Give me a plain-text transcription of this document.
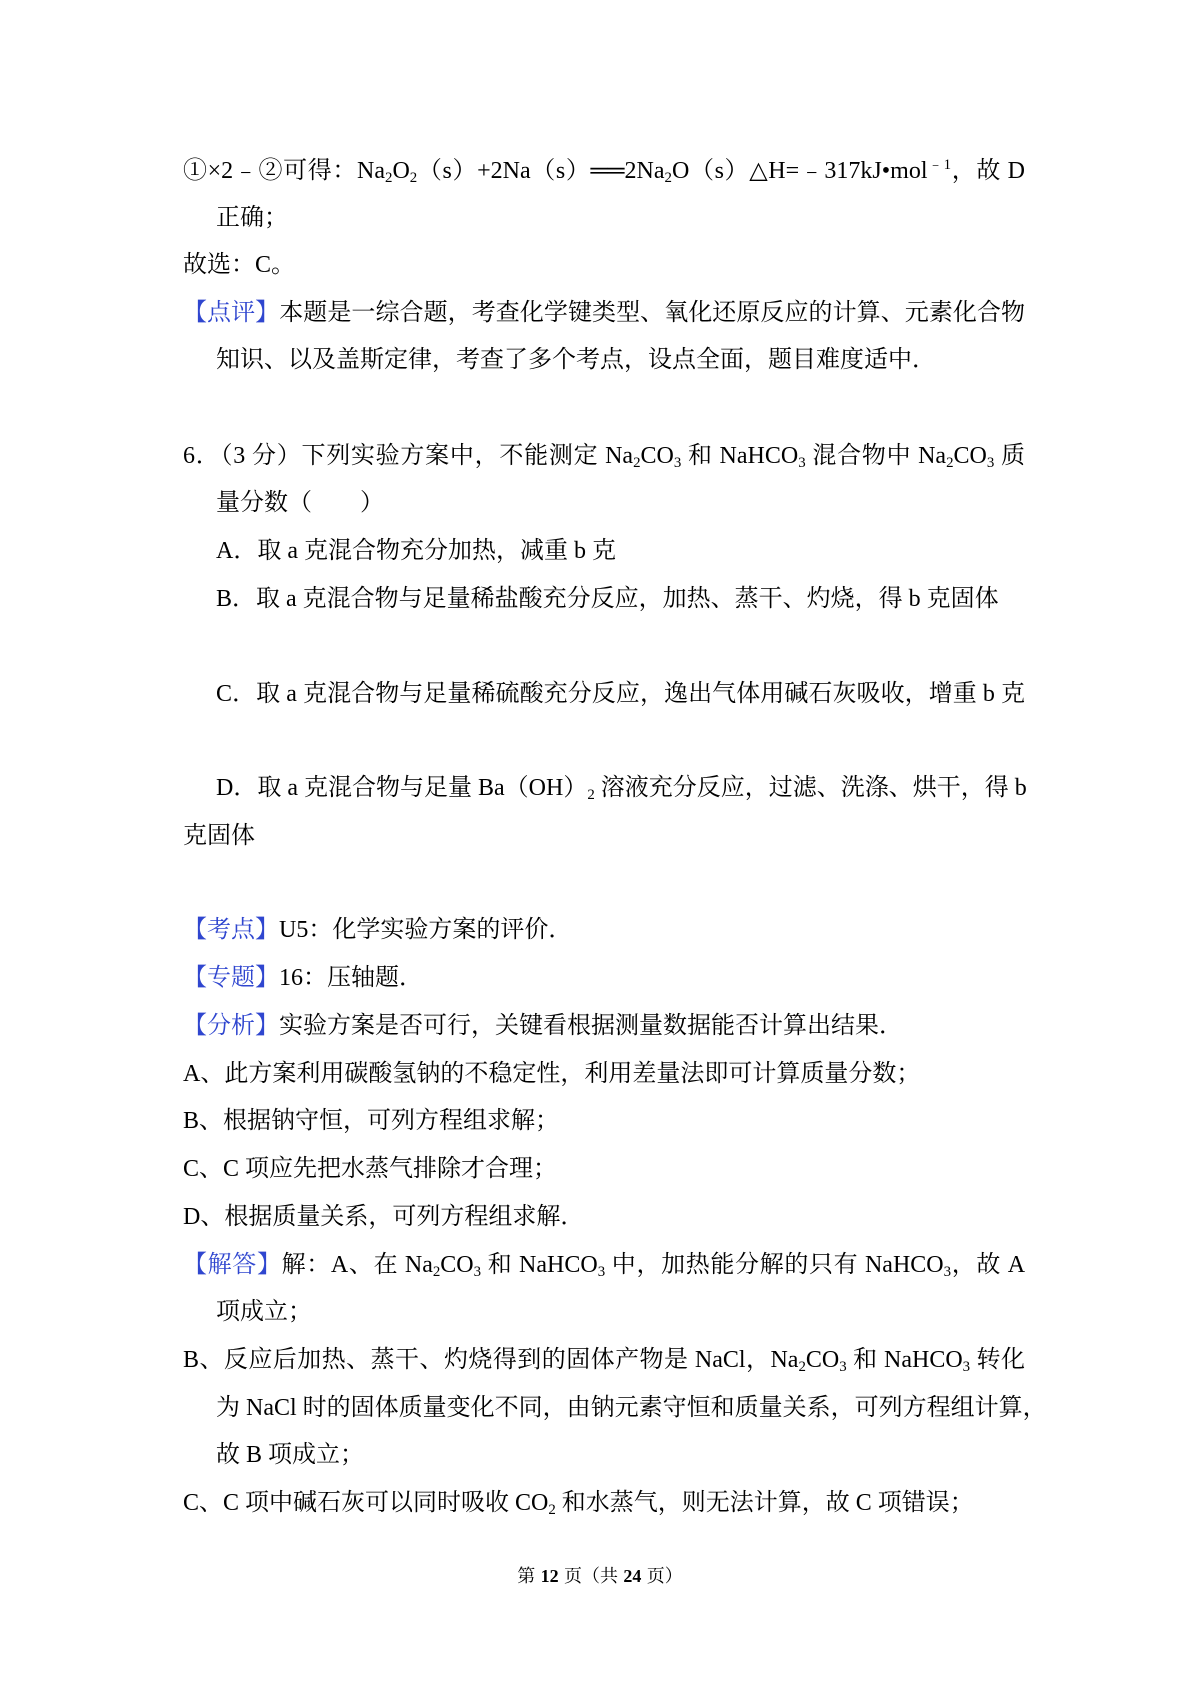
①×2﹣②可得：$Na_2O_2(s)+2Na(s)══2Na_2O(s)\triangle H=﹣317kJ•mol^{﹣1}$，故 D
正确；
故选：C。
【点评】本题是一综合题，考查化学键类型、氧化还原反应的计算、元素化合物
知识、以及盖斯定律，考查了多个考点，设点全面，题目难度适中．
6．（3 分）下列实验方案中，不能测定 $Na_2CO_3$ 和 NaHCO$_3$ 混合物中 $Na_2CO_3$ 质
量分数（　　）
A．取 a 克混合物充分加热，减重 b 克
B．取 a 克混合物与足量稀盐酸充分反应，加热、蒸干、灼烧，得 b 克固体
C．取 a 克混合物与足量稀硫酸充分反应，逸出气体用碱石灰吸收，增重 b 克
D．取 a 克混合物与足量 $Ba(OH)_2$ 溶液充分反应，过滤、洗涤、烘干，得 b
克固体
【考点】U5：化学实验方案的评价．
【专题】16：压轴题．
【分析】实验方案是否可行，关键看根据测量数据能否计算出结果．
A、此方案利用碳酸氢钠的不稳定性，利用差量法即可计算质量分数；
B、根据钠守恒，可列方程组求解；
C、C 项应先把水蒸气排除才合理；
D、根据质量关系，可列方程组求解．
【解答】解：A、在 $Na_2CO_3$ 和 NaHCO$_3$ 中，加热能分解的只有 NaHCO$_3$，故 A
项成立；
B、反应后加热、蒸干、灼烧得到的固体产物是 NaCl，$Na_2CO_3$ 和 NaHCO$_3$ 转化
为 NaCl 时的固体质量变化不同，由钠元素守恒和质量关系，可列方程组计算，
故 B 项成立；
C、C 项中碱石灰可以同时吸收 $CO_2$ 和水蒸气，则无法计算，故 C 项错误；
第 12 页（共 24 页）
